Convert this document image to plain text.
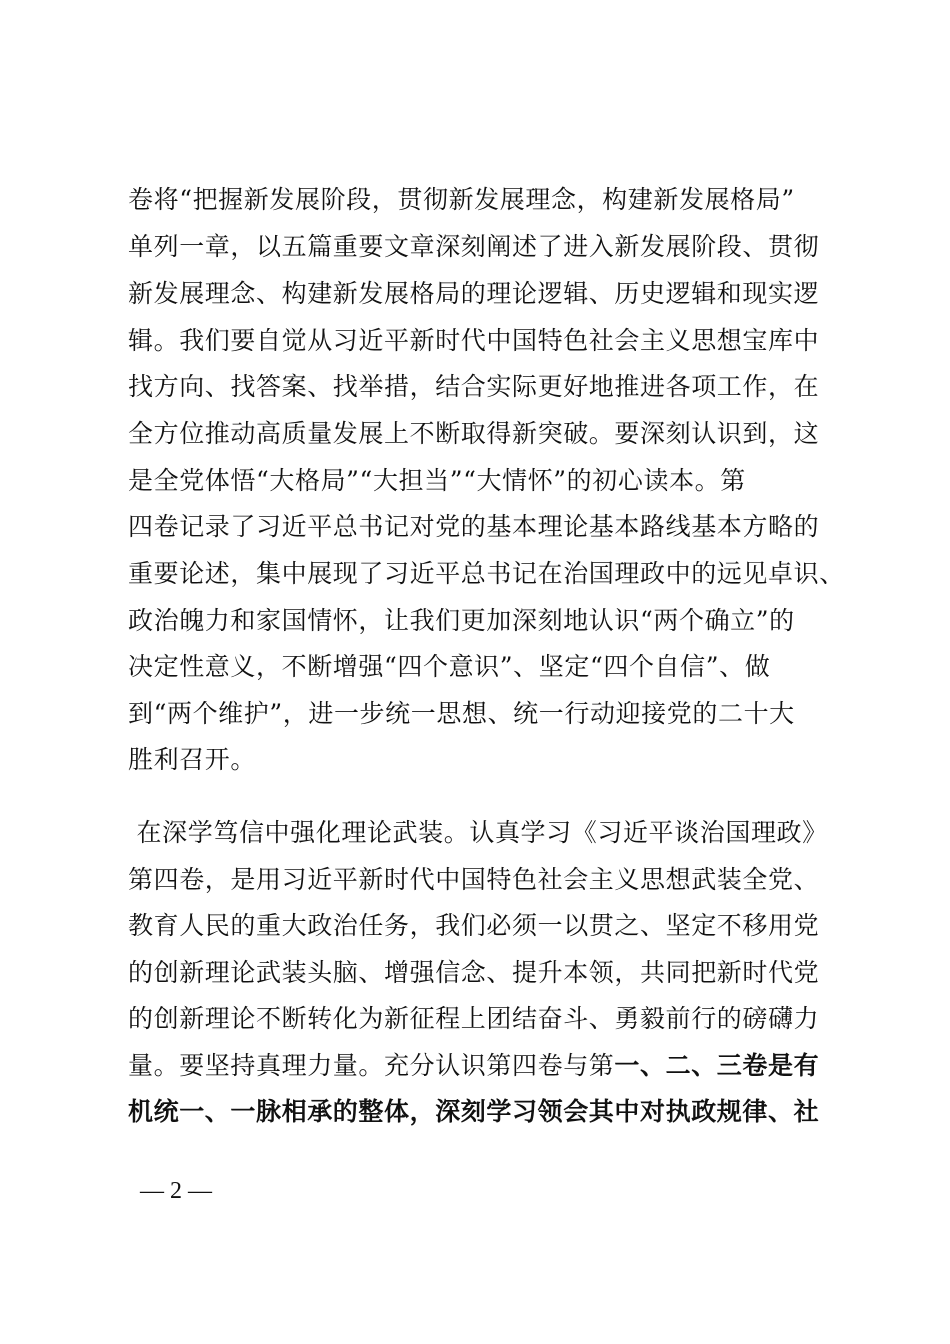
卷将“把握新发展阶段，贯彻新发展理念，构建新发展格局”
单列一章，以五篇重要文章深刻阐述了进入新发展阶段、贯彻
新发展理念、构建新发展格局的理论逻辑、历史逻辑和现实逻
辑。我们要自觉从习近平新时代中国特色社会主义思想宝库中
找方向、找答案、找举措，结合实际更好地推进各项工作，在
全方位推动高质量发展上不断取得新突破。要深刻认识到，这
是全党体悟“大格局”“大担当”“大情怀”的初心读本。第
四卷记录了习近平总书记对党的基本理论基本路线基本方略的
重要论述，集中展现了习近平总书记在治国理政中的远见卓识、
政治魄力和家国情怀，让我们更加深刻地认识“两个确立”的
决定性意义，不断增强“四个意识”、坚定“四个自信”、做
到“两个维护”，进一步统一思想、统一行动迎接党的二十大
胜利召开。
在深学笃信中强化理论武装。认真学习《习近平谈治国理政》
第四卷，是用习近平新时代中国特色社会主义思想武装全党、
教育人民的重大政治任务，我们必须一以贯之、坚定不移用党
的创新理论武装头脑、增强信念、提升本领，共同把新时代党
的创新理论不断转化为新征程上团结奋斗、勇毅前行的磅礴力
量。要坚持真理力量。充分认识第四卷与第一、二、三卷是有
机统一、一脉相承的整体，深刻学习领会其中对执政规律、社
— 2 —
